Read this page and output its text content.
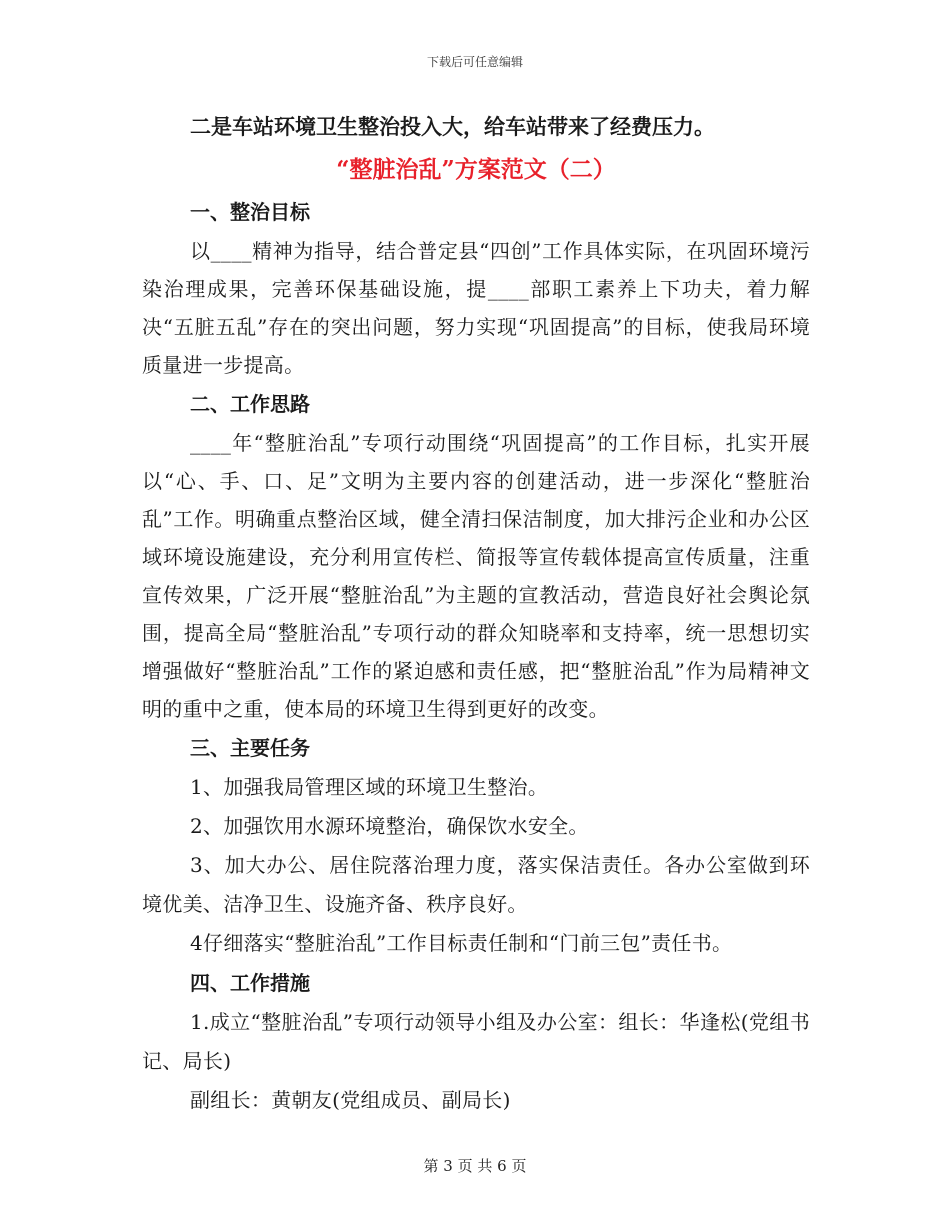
下载后可任意编辑

二是车站环境卫生整治投入大，给车站带来了经费压力。

“整脏治乱”方案范文（二）

一、整治目标

以____精神为指导，结合普定县“四创”工作具体实际，在巩固环境污染治理成果，完善环保基础设施，提____部职工素养上下功夫，着力解决“五脏五乱”存在的突出问题，努力实现“巩固提高”的目标，使我局环境质量进一步提高。

二、工作思路

____年“整脏治乱”专项行动围绕“巩固提高”的工作目标，扎实开展以“心、手、口、足”文明为主要内容的创建活动，进一步深化“整脏治乱”工作。明确重点整治区域，健全清扫保洁制度，加大排污企业和办公区域环境设施建设，充分利用宣传栏、简报等宣传载体提高宣传质量，注重宣传效果，广泛开展“整脏治乱”为主题的宣教活动，营造良好社会舆论氛围，提高全局“整脏治乱”专项行动的群众知晓率和支持率，统一思想切实增强做好“整脏治乱”工作的紧迫感和责任感，把“整脏治乱”作为局精神文明的重中之重，使本局的环境卫生得到更好的改变。

三、主要任务

1、加强我局管理区域的环境卫生整治。

2、加强饮用水源环境整治，确保饮水安全。

3、加大办公、居住院落治理力度，落实保洁责任。各办公室做到环境优美、洁净卫生、设施齐备、秩序良好。

4仔细落实“整脏治乱”工作目标责任制和“门前三包”责任书。

四、工作措施

1.成立“整脏治乱”专项行动领导小组及办公室：组长：华逢松(党组书记、局长)

副组长：黄朝友(党组成员、副局长)

第 3 页 共 6 页
